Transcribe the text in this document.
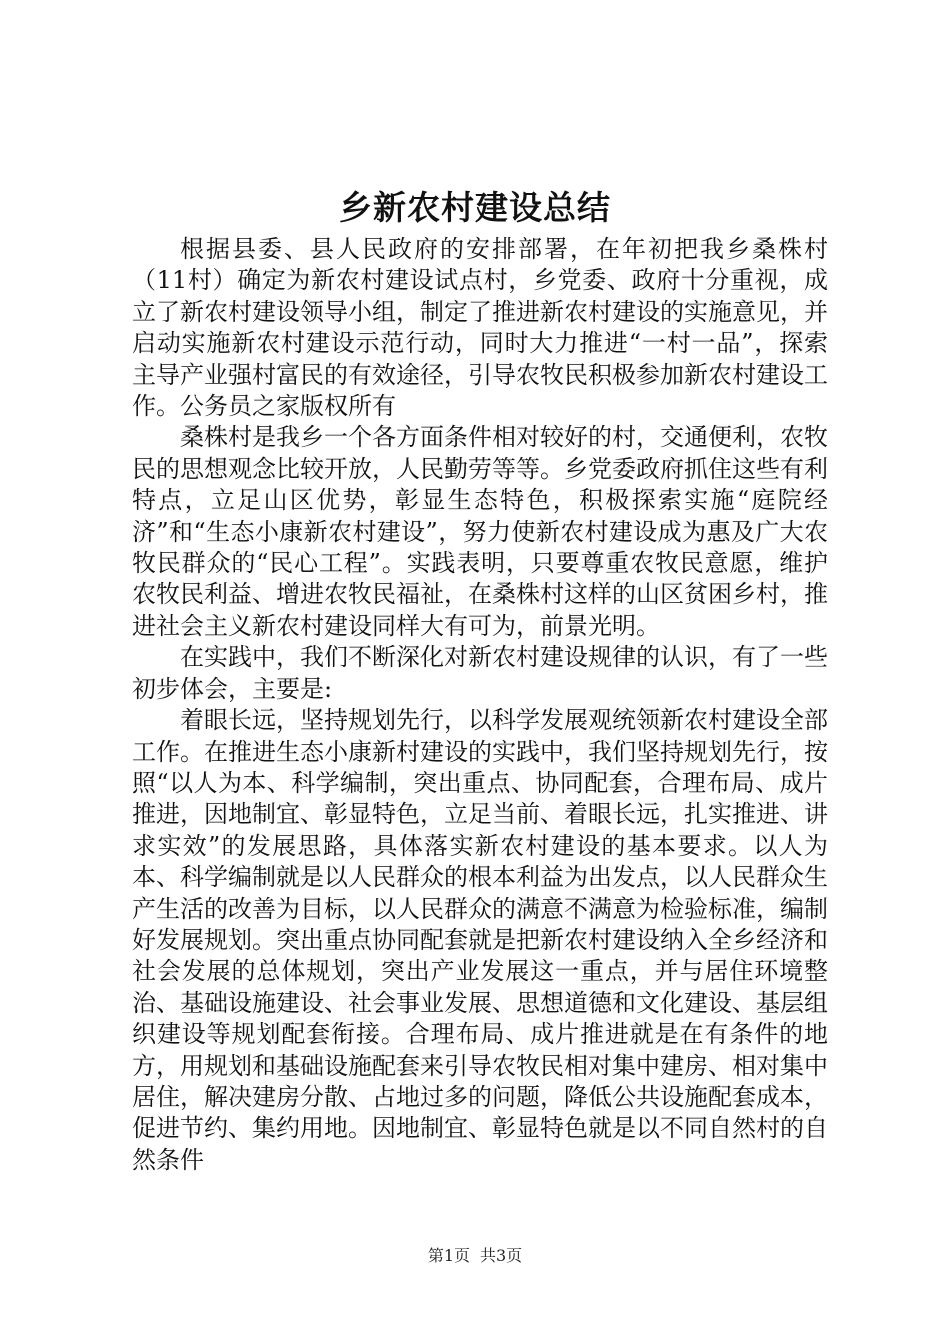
乡新农村建设总结

根据县委、县人民政府的安排部署，在年初把我乡桑株村（11村）确定为新农村建设试点村，乡党委、政府十分重视，成立了新农村建设领导小组，制定了推进新农村建设的实施意见，并启动实施新农村建设示范行动，同时大力推进“一村一品”，探索主导产业强村富民的有效途径，引导农牧民积极参加新农村建设工作。公务员之家版权所有

桑株村是我乡一个各方面条件相对较好的村，交通便利，农牧民的思想观念比较开放，人民勤劳等等。乡党委政府抓住这些有利特点，立足山区优势，彰显生态特色，积极探索实施“庭院经济”和“生态小康新农村建设”，努力使新农村建设成为惠及广大农牧民群众的“民心工程”。实践表明，只要尊重农牧民意愿，维护农牧民利益、增进农牧民福祉，在桑株村这样的山区贫困乡村，推进社会主义新农村建设同样大有可为，前景光明。

在实践中，我们不断深化对新农村建设规律的认识，有了一些初步体会，主要是:

着眼长远，坚持规划先行，以科学发展观统领新农村建设全部工作。在推进生态小康新村建设的实践中，我们坚持规划先行，按照“以人为本、科学编制，突出重点、协同配套，合理布局、成片推进，因地制宜、彰显特色，立足当前、着眼长远，扎实推进、讲求实效”的发展思路，具体落实新农村建设的基本要求。以人为本、科学编制就是以人民群众的根本利益为出发点，以人民群众生产生活的改善为目标，以人民群众的满意不满意为检验标准，编制好发展规划。突出重点协同配套就是把新农村建设纳入全乡经济和社会发展的总体规划，突出产业发展这一重点，并与居住环境整治、基础设施建设、社会事业发展、思想道德和文化建设、基层组织建设等规划配套衔接。合理布局、成片推进就是在有条件的地方，用规划和基础设施配套来引导农牧民相对集中建房、相对集中居住，解决建房分散、占地过多的问题，降低公共设施配套成本，促进节约、集约用地。因地制宜、彰显特色就是以不同自然村的自然条件

第1页 共3页
